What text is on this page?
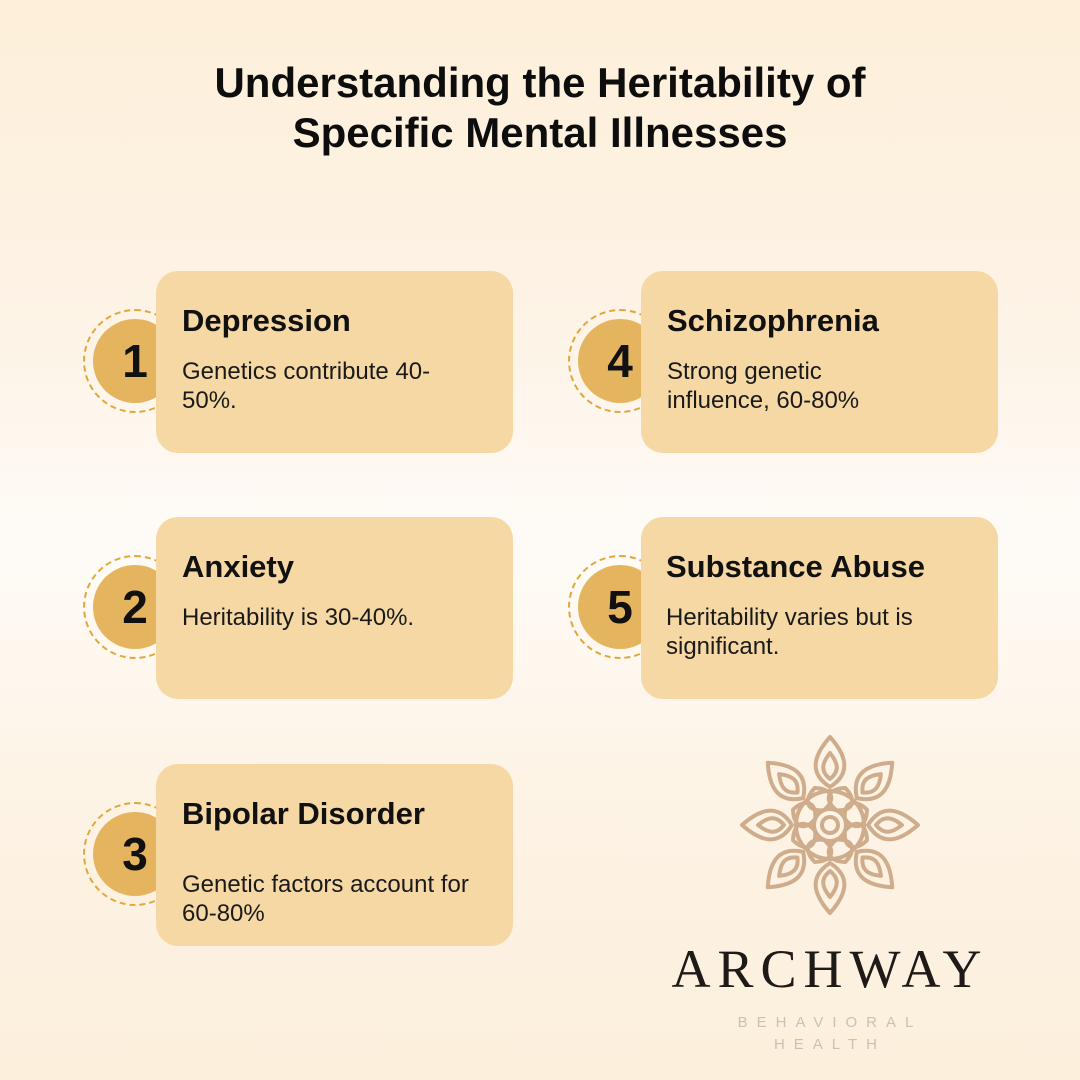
Understanding the Heritability of
Specific Mental Illnesses
1
Depression
Genetics contribute 40-50%.
2
Anxiety
Heritability is 30-40%.
3
Bipolar Disorder
Genetic factors account for 60-80%
4
Schizophrenia
Strong genetic influence, 60-80%
5
Substance Abuse
Heritability varies but is significant.
ARCHWAY
BEHAVIORAL
HEALTH
